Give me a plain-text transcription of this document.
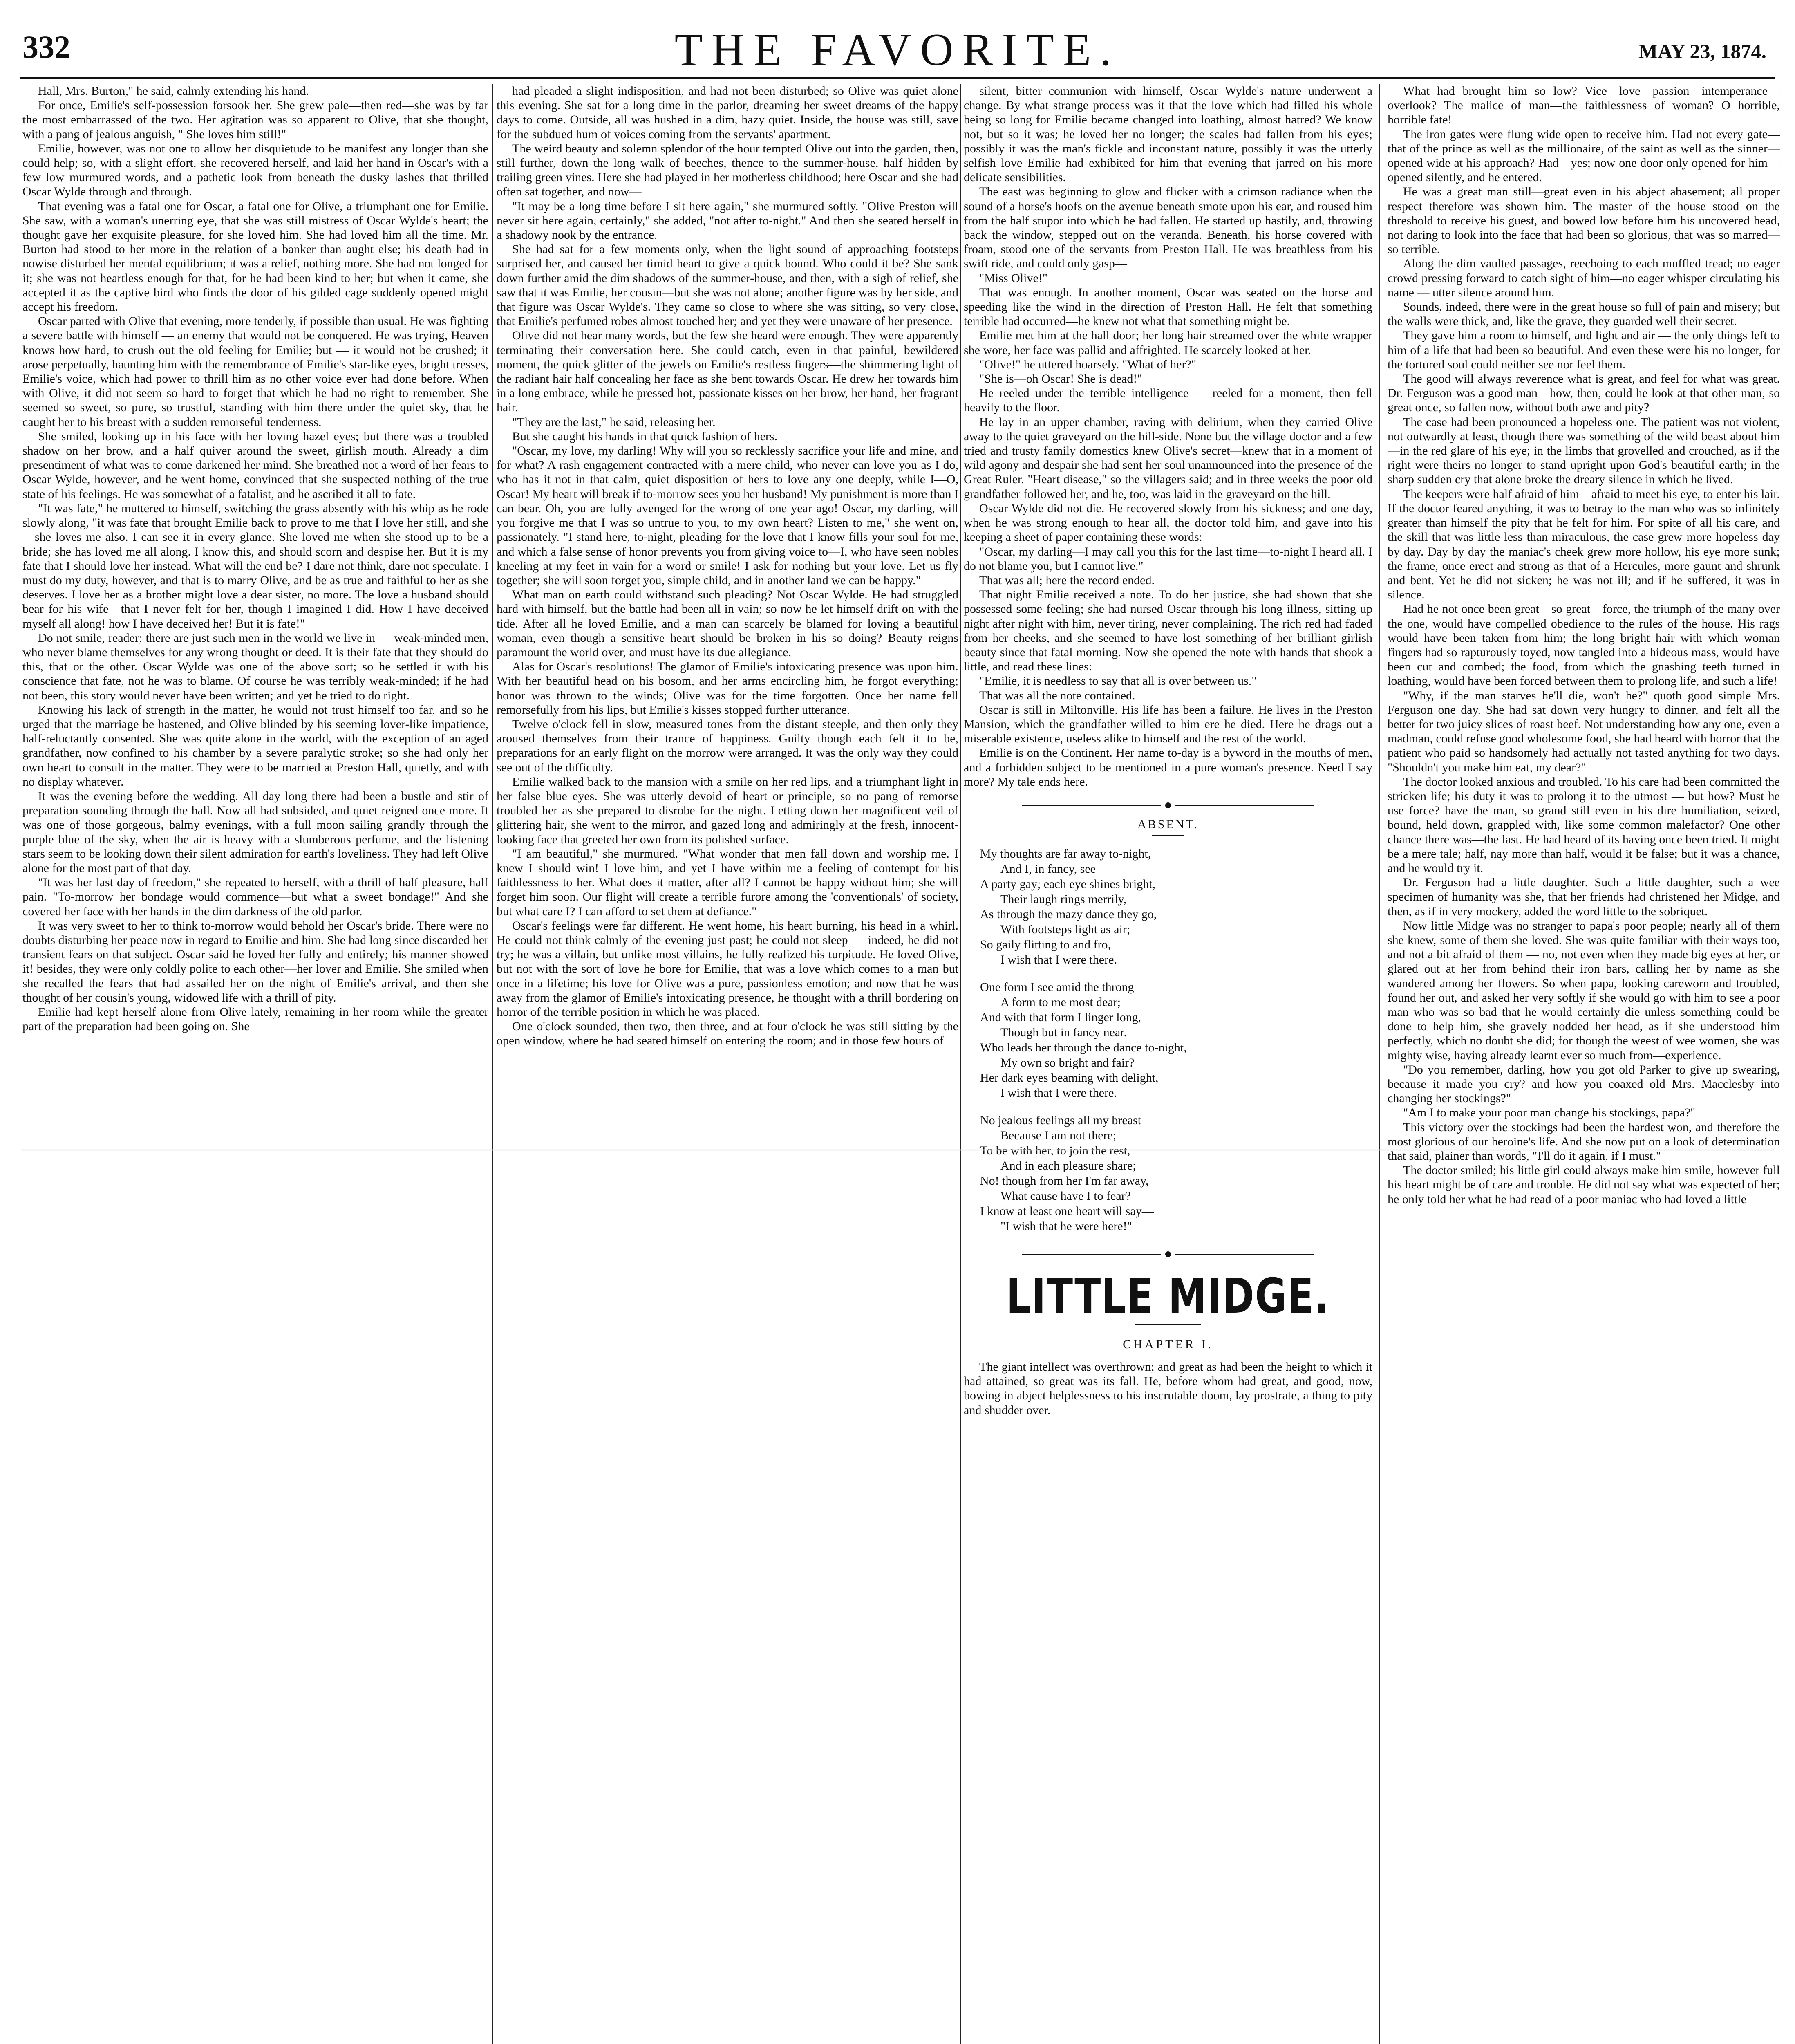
332	THE FAVORITE.	MAY 23, 1874.

Hall, Mrs. Burton," he said, calmly extending his hand.

For once, Emilie's self-possession forsook her. She grew pale—then red—she was by far the most embarrassed of the two. Her agitation was so apparent to Olive, that she thought, with a pang of jealous anguish, " She loves him still!"

Emilie, however, was not one to allow her disquietude to be manifest any longer than she could help; so, with a slight effort, she recovered herself, and laid her hand in Oscar's with a few low murmured words, and a pathetic look from beneath the dusky lashes that thrilled Oscar Wylde through and through.

That evening was a fatal one for Oscar, a fatal one for Olive, a triumphant one for Emilie. She saw, with a woman's unerring eye, that she was still mistress of Oscar Wylde's heart; the thought gave her exquisite pleasure, for she loved him. She had loved him all the time. Mr. Burton had stood to her more in the relation of a banker than aught else; his death had in nowise disturbed her mental equilibrium; it was a relief, nothing more. She had not longed for it; she was not heartless enough for that, for he had been kind to her; but when it came, she accepted it as the captive bird who finds the door of his gilded cage suddenly opened might accept his freedom.

Oscar parted with Olive that evening, more tenderly, if possible than usual. He was fighting a severe battle with himself — an enemy that would not be conquered. He was trying, Heaven knows how hard, to crush out the old feeling for Emilie; but — it would not be crushed; it arose perpetually, haunting him with the remembrance of Emilie's star-like eyes, bright tresses, Emilie's voice, which had power to thrill him as no other voice ever had done before. When with Olive, it did not seem so hard to forget that which he had no right to remember. She seemed so sweet, so pure, so trustful, standing with him there under the quiet sky, that he caught her to his breast with a sudden remorseful tenderness.

She smiled, looking up in his face with her loving hazel eyes; but there was a troubled shadow on her brow, and a half quiver around the sweet, girlish mouth. Already a dim presentiment of what was to come darkened her mind. She breathed not a word of her fears to Oscar Wylde, however, and he went home, convinced that she suspected nothing of the true state of his feelings. He was somewhat of a fatalist, and he ascribed it all to fate.

"It was fate," he muttered to himself, switching the grass absently with his whip as he rode slowly along, "it was fate that brought Emilie back to prove to me that I love her still, and she—she loves me also. I can see it in every glance. She loved me when she stood up to be a bride; she has loved me all along. I know this, and should scorn and despise her. But it is my fate that I should love her instead. What will the end be? I dare not think, dare not speculate. I must do my duty, however, and that is to marry Olive, and be as true and faithful to her as she deserves. I love her as a brother might love a dear sister, no more. The love a husband should bear for his wife—that I never felt for her, though I imagined I did. How I have deceived myself all along! how I have deceived her! But it is fate!"

Do not smile, reader; there are just such men in the world we live in — weak-minded men, who never blame themselves for any wrong thought or deed. It is their fate that they should do this, that or the other. Oscar Wylde was one of the above sort; so he settled it with his conscience that fate, not he was to blame. Of course he was terribly weak-minded; if he had not been, this story would never have been written; and yet he tried to do right.

Knowing his lack of strength in the matter, he would not trust himself too far, and so he urged that the marriage be hastened, and Olive blinded by his seeming lover-like impatience, half-reluctantly consented. She was quite alone in the world, with the exception of an aged grandfather, now confined to his chamber by a severe paralytic stroke; so she had only her own heart to consult in the matter. They were to be married at Preston Hall, quietly, and with no display whatever.

It was the evening before the wedding. All day long there had been a bustle and stir of preparation sounding through the hall. Now all had subsided, and quiet reigned once more. It was one of those gorgeous, balmy evenings, with a full moon sailing grandly through the purple blue of the sky, when the air is heavy with a slumberous perfume, and the listening stars seem to be looking down their silent admiration for earth's loveliness. They had left Olive alone for the most part of that day.

"It was her last day of freedom," she repeated to herself, with a thrill of half pleasure, half pain. "To-morrow her bondage would commence—but what a sweet bondage!" And she covered her face with her hands in the dim darkness of the old parlor.

It was very sweet to her to think to-morrow would behold her Oscar's bride. There were no doubts disturbing her peace now in regard to Emilie and him. She had long since discarded her transient fears on that subject. Oscar said he loved her fully and entirely; his manner showed it! besides, they were only coldly polite to each other—her lover and Emilie. She smiled when she recalled the fears that had assailed her on the night of Emilie's arrival, and then she thought of her cousin's young, widowed life with a thrill of pity.

Emilie had kept herself alone from Olive lately, remaining in her room while the greater part of the preparation had been going on. She

had pleaded a slight indisposition, and had not been disturbed; so Olive was quiet alone this evening. She sat for a long time in the parlor, dreaming her sweet dreams of the happy days to come. Outside, all was hushed in a dim, hazy quiet. Inside, the house was still, save for the subdued hum of voices coming from the servants' apartment.

The weird beauty and solemn splendor of the hour tempted Olive out into the garden, then, still further, down the long walk of beeches, thence to the summer-house, half hidden by trailing green vines. Here she had played in her motherless childhood; here Oscar and she had often sat together, and now—

"It may be a long time before I sit here again," she murmured softly. "Olive Preston will never sit here again, certainly," she added, "not after to-night." And then she seated herself in a shadowy nook by the entrance.

She had sat for a few moments only, when the light sound of approaching footsteps surprised her, and caused her timid heart to give a quick bound. Who could it be? She sank down further amid the dim shadows of the summer-house, and then, with a sigh of relief, she saw that it was Emilie, her cousin—but she was not alone; another figure was by her side, and that figure was Oscar Wylde's. They came so close to where she was sitting, so very close, that Emilie's perfumed robes almost touched her; and yet they were unaware of her presence.

Olive did not hear many words, but the few she heard were enough. They were apparently terminating their conversation here. She could catch, even in that painful, bewildered moment, the quick glitter of the jewels on Emilie's restless fingers—the shimmering light of the radiant hair half concealing her face as she bent towards Oscar. He drew her towards him in a long embrace, while he pressed hot, passionate kisses on her brow, her hand, her fragrant hair.

"They are the last," he said, releasing her.

But she caught his hands in that quick fashion of hers.

"Oscar, my love, my darling! Why will you so recklessly sacrifice your life and mine, and for what? A rash engagement contracted with a mere child, who never can love you as I do, who has it not in that calm, quiet disposition of hers to love any one deeply, while I—O, Oscar! My heart will break if to-morrow sees you her husband! My punishment is more than I can bear. Oh, you are fully avenged for the wrong of one year ago! Oscar, my darling, will you forgive me that I was so untrue to you, to my own heart? Listen to me," she went on, passionately. "I stand here, to-night, pleading for the love that I know fills your soul for me, and which a false sense of honor prevents you from giving voice to—I, who have seen nobles kneeling at my feet in vain for a word or smile! I ask for nothing but your love. Let us fly together; she will soon forget you, simple child, and in another land we can be happy."

What man on earth could withstand such pleading? Not Oscar Wylde. He had struggled hard with himself, but the battle had been all in vain; so now he let himself drift on with the tide. After all he loved Emilie, and a man can scarcely be blamed for loving a beautiful woman, even though a sensitive heart should be broken in his so doing? Beauty reigns paramount the world over, and must have its due allegiance.

Alas for Oscar's resolutions! The glamor of Emilie's intoxicating presence was upon him. With her beautiful head on his bosom, and her arms encircling him, he forgot everything; honor was thrown to the winds; Olive was for the time forgotten. Once her name fell remorsefully from his lips, but Emilie's kisses stopped further utterance.

Twelve o'clock fell in slow, measured tones from the distant steeple, and then only they aroused themselves from their trance of happiness. Guilty though each felt it to be, preparations for an early flight on the morrow were arranged. It was the only way they could see out of the difficulty.

Emilie walked back to the mansion with a smile on her red lips, and a triumphant light in her false blue eyes. She was utterly devoid of heart or principle, so no pang of remorse troubled her as she prepared to disrobe for the night. Letting down her magnificent veil of glittering hair, she went to the mirror, and gazed long and admiringly at the fresh, innocent-looking face that greeted her own from its polished surface.

"I am beautiful," she murmured. "What wonder that men fall down and worship me. I knew I should win! I love him, and yet I have within me a feeling of contempt for his faithlessness to her. What does it matter, after all? I cannot be happy without him; she will forget him soon. Our flight will create a terrible furore among the 'conventionals' of society, but what care I? I can afford to set them at defiance."

Oscar's feelings were far different. He went home, his heart burning, his head in a whirl. He could not think calmly of the evening just past; he could not sleep — indeed, he did not try; he was a villain, but unlike most villains, he fully realized his turpitude. He loved Olive, but not with the sort of love he bore for Emilie, that was a love which comes to a man but once in a lifetime; his love for Olive was a pure, passionless emotion; and now that he was away from the glamor of Emilie's intoxicating presence, he thought with a thrill bordering on horror of the terrible position in which he was placed.

One o'clock sounded, then two, then three, and at four o'clock he was still sitting by the open window, where he had seated himself on entering the room; and in those few hours of

silent, bitter communion with himself, Oscar Wylde's nature underwent a change. By what strange process was it that the love which had filled his whole being so long for Emilie became changed into loathing, almost hatred? We know not, but so it was; he loved her no longer; the scales had fallen from his eyes; possibly it was the man's fickle and inconstant nature, possibly it was the utterly selfish love Emilie had exhibited for him that evening that jarred on his more delicate sensibilities.

The east was beginning to glow and flicker with a crimson radiance when the sound of a horse's hoofs on the avenue beneath smote upon his ear, and roused him from the half stupor into which he had fallen. He started up hastily, and, throwing back the window, stepped out on the veranda. Beneath, his horse covered with froam, stood one of the servants from Preston Hall. He was breathless from his swift ride, and could only gasp—

"Miss Olive!"

That was enough. In another moment, Oscar was seated on the horse and speeding like the wind in the direction of Preston Hall. He felt that something terrible had occurred—he knew not what that something might be.

Emilie met him at the hall door; her long hair streamed over the white wrapper she wore, her face was pallid and affrighted. He scarcely looked at her.

"Olive!" he uttered hoarsely. "What of her?"

"She is—oh Oscar! She is dead!"

He reeled under the terrible intelligence — reeled for a moment, then fell heavily to the floor.

He lay in an upper chamber, raving with delirium, when they carried Olive away to the quiet graveyard on the hill-side. None but the village doctor and a few tried and trusty family domestics knew Olive's secret—knew that in a moment of wild agony and despair she had sent her soul unannounced into the presence of the Great Ruler. "Heart disease," so the villagers said; and in three weeks the poor old grandfather followed her, and he, too, was laid in the graveyard on the hill.

Oscar Wylde did not die. He recovered slowly from his sickness; and one day, when he was strong enough to hear all, the doctor told him, and gave into his keeping a sheet of paper containing these words:—

"Oscar, my darling—I may call you this for the last time—to-night I heard all. I do not blame you, but I cannot live."

That was all; here the record ended.

That night Emilie received a note. To do her justice, she had shown that she possessed some feeling; she had nursed Oscar through his long illness, sitting up night after night with him, never tiring, never complaining. The rich red had faded from her cheeks, and she seemed to have lost something of her brilliant girlish beauty since that fatal morning. Now she opened the note with hands that shook a little, and read these lines:

"Emilie, it is needless to say that all is over between us."

That was all the note contained.

Oscar is still in Miltonville. His life has been a failure. He lives in the Preston Mansion, which the grandfather willed to him ere he died. Here he drags out a miserable existence, useless alike to himself and the rest of the world.

Emilie is on the Continent. Her name to-day is a byword in the mouths of men, and a forbidden subject to be mentioned in a pure woman's presence. Need I say more? My tale ends here.

ABSENT.
My thoughts are far away to-night,
And I, in fancy, see
A party gay; each eye shines bright,
Their laugh rings merrily,
As through the mazy dance they go,
With footsteps light as air;
So gaily flitting to and fro,
I wish that I were there.
One form I see amid the throng—
A form to me most dear;
And with that form I linger long,
Though but in fancy near.
Who leads her through the dance to-night,
My own so bright and fair?
Her dark eyes beaming with delight,
I wish that I were there.
No jealous feelings all my breast
Because I am not there;
To be with her, to join the rest,
And in each pleasure share;
No! though from her I'm far away,
What cause have I to fear?
I know at least one heart will say—
"I wish that he were here!"
LITTLE MIDGE.
CHAPTER I.

The giant intellect was overthrown; and great as had been the height to which it had attained, so great was its fall. He, before whom had great, and good, now, bowing in abject helplessness to his inscrutable doom, lay prostrate, a thing to pity and shudder over.

What had brought him so low? Vice—love—passion—intemperance—overlook? The malice of man—the faithlessness of woman? O horrible, horrible fate!

The iron gates were flung wide open to receive him. Had not every gate—that of the prince as well as the millionaire, of the saint as well as the sinner—opened wide at his approach? Had—yes; now one door only opened for him—opened silently, and he entered.

He was a great man still—great even in his abject abasement; all proper respect therefore was shown him. The master of the house stood on the threshold to receive his guest, and bowed low before him his uncovered head, not daring to look into the face that had been so glorious, that was so marred—so terrible.

Along the dim vaulted passages, reechoing to each muffled tread; no eager crowd pressing forward to catch sight of him—no eager whisper circulating his name — utter silence around him.

Sounds, indeed, there were in the great house so full of pain and misery; but the walls were thick, and, like the grave, they guarded well their secret.

They gave him a room to himself, and light and air — the only things left to him of a life that had been so beautiful. And even these were his no longer, for the tortured soul could neither see nor feel them.

The good will always reverence what is great, and feel for what was great. Dr. Ferguson was a good man—how, then, could he look at that other man, so great once, so fallen now, without both awe and pity?

The case had been pronounced a hopeless one. The patient was not violent, not outwardly at least, though there was something of the wild beast about him—in the red glare of his eye; in the limbs that grovelled and crouched, as if the right were theirs no longer to stand upright upon God's beautiful earth; in the sharp sudden cry that alone broke the dreary silence in which he lived.

The keepers were half afraid of him—afraid to meet his eye, to enter his lair. If the doctor feared anything, it was to betray to the man who was so infinitely greater than himself the pity that he felt for him. For spite of all his care, and the skill that was little less than miraculous, the case grew more hopeless day by day. Day by day the maniac's cheek grew more hollow, his eye more sunk; the frame, once erect and strong as that of a Hercules, more gaunt and shrunk and bent. Yet he did not sicken; he was not ill; and if he suffered, it was in silence.

Had he not once been great—so great—force, the triumph of the many over the one, would have compelled obedience to the rules of the house. His rags would have been taken from him; the long bright hair with which woman fingers had so rapturously toyed, now tangled into a hideous mass, would have been cut and combed; the food, from which the gnashing teeth turned in loathing, would have been forced between them to prolong life, and such a life!

"Why, if the man starves he'll die, won't he?" quoth good simple Mrs. Ferguson one day. She had sat down very hungry to dinner, and felt all the better for two juicy slices of roast beef. Not understanding how any one, even a madman, could refuse good wholesome food, she had heard with horror that the patient who paid so handsomely had actually not tasted anything for two days. "Shouldn't you make him eat, my dear?"

The doctor looked anxious and troubled. To his care had been committed the stricken life; his duty it was to prolong it to the utmost — but how? Must he use force? have the man, so grand still even in his dire humiliation, seized, bound, held down, grappled with, like some common malefactor? One other chance there was—the last. He had heard of its having once been tried. It might be a mere tale; half, nay more than half, would it be false; but it was a chance, and he would try it.

Dr. Ferguson had a little daughter. Such a little daughter, such a wee specimen of humanity was she, that her friends had christened her Midge, and then, as if in very mockery, added the word little to the sobriquet.

Now little Midge was no stranger to papa's poor people; nearly all of them she knew, some of them she loved. She was quite familiar with their ways too, and not a bit afraid of them — no, not even when they made big eyes at her, or glared out at her from behind their iron bars, calling her by name as she wandered among her flowers. So when papa, looking careworn and troubled, found her out, and asked her very softly if she would go with him to see a poor man who was so bad that he would certainly die unless something could be done to help him, she gravely nodded her head, as if she understood him perfectly, which no doubt she did; for though the weest of wee women, she was mighty wise, having already learnt ever so much from—experience.

"Do you remember, darling, how you got old Parker to give up swearing, because it made you cry? and how you coaxed old Mrs. Macclesby into changing her stockings?"

"Am I to make your poor man change his stockings, papa?"

This victory over the stockings had been the hardest won, and therefore the most glorious of our heroine's life. And she now put on a look of determination that said, plainer than words, "I'll do it again, if I must."

The doctor smiled; his little girl could always make him smile, however full his heart might be of care and trouble. He did not say what was expected of her; he only told her what he had read of a poor maniac who had loved a little
